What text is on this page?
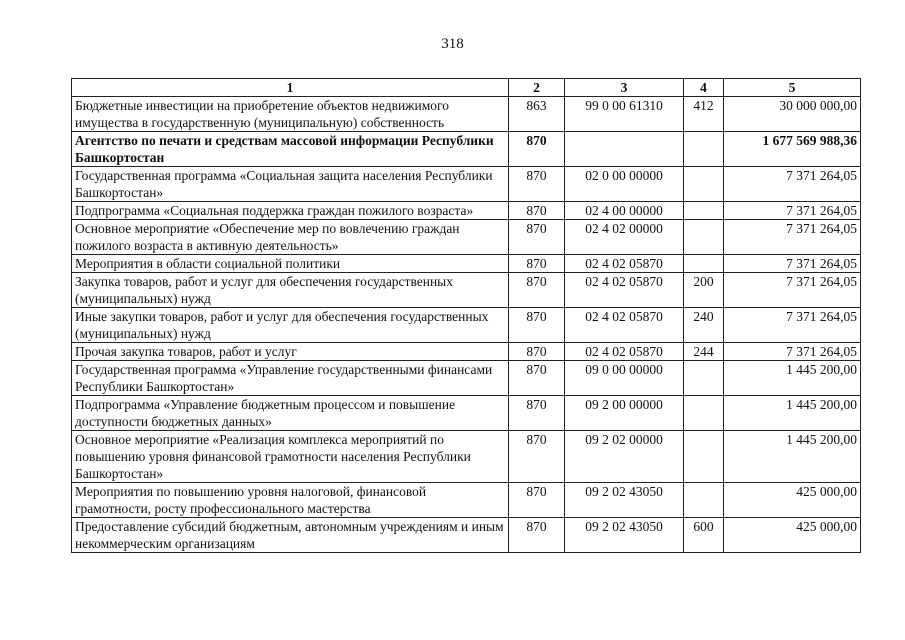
318
1	2	3	4	5
Бюджетные инвестиции на приобретение объектов недвижимого имущества в государственную (муниципальную) собственность	863	99 0 00 61310	412	30 000 000,00
Агентство по печати и средствам массовой информации Республики Башкортостан	870			1 677 569 988,36
Государственная программа «Социальная защита населения Республики Башкортостан»	870	02 0 00 00000		7 371 264,05
Подпрограмма «Социальная поддержка граждан пожилого возраста»	870	02 4 00 00000		7 371 264,05
Основное мероприятие «Обеспечение мер по вовлечению граждан пожилого возраста в активную деятельность»	870	02 4 02 00000		7 371 264,05
Мероприятия в области социальной политики	870	02 4 02 05870		7 371 264,05
Закупка товаров, работ и услуг для обеспечения государственных (муниципальных) нужд	870	02 4 02 05870	200	7 371 264,05
Иные закупки товаров, работ и услуг для обеспечения государственных (муниципальных) нужд	870	02 4 02 05870	240	7 371 264,05
Прочая закупка товаров, работ и услуг	870	02 4 02 05870	244	7 371 264,05
Государственная программа «Управление государственными финансами Республики Башкортостан»	870	09 0 00 00000		1 445 200,00
Подпрограмма «Управление бюджетным процессом и повышение доступности бюджетных данных»	870	09 2 00 00000		1 445 200,00
Основное мероприятие «Реализация комплекса мероприятий по повышению уровня финансовой грамотности населения Республики Башкортостан»	870	09 2 02 00000		1 445 200,00
Мероприятия по повышению уровня налоговой, финансовой грамотности, росту профессионального мастерства	870	09 2 02 43050		425 000,00
Предоставление субсидий бюджетным, автономным учреждениям и иным некоммерческим организациям	870	09 2 02 43050	600	425 000,00
